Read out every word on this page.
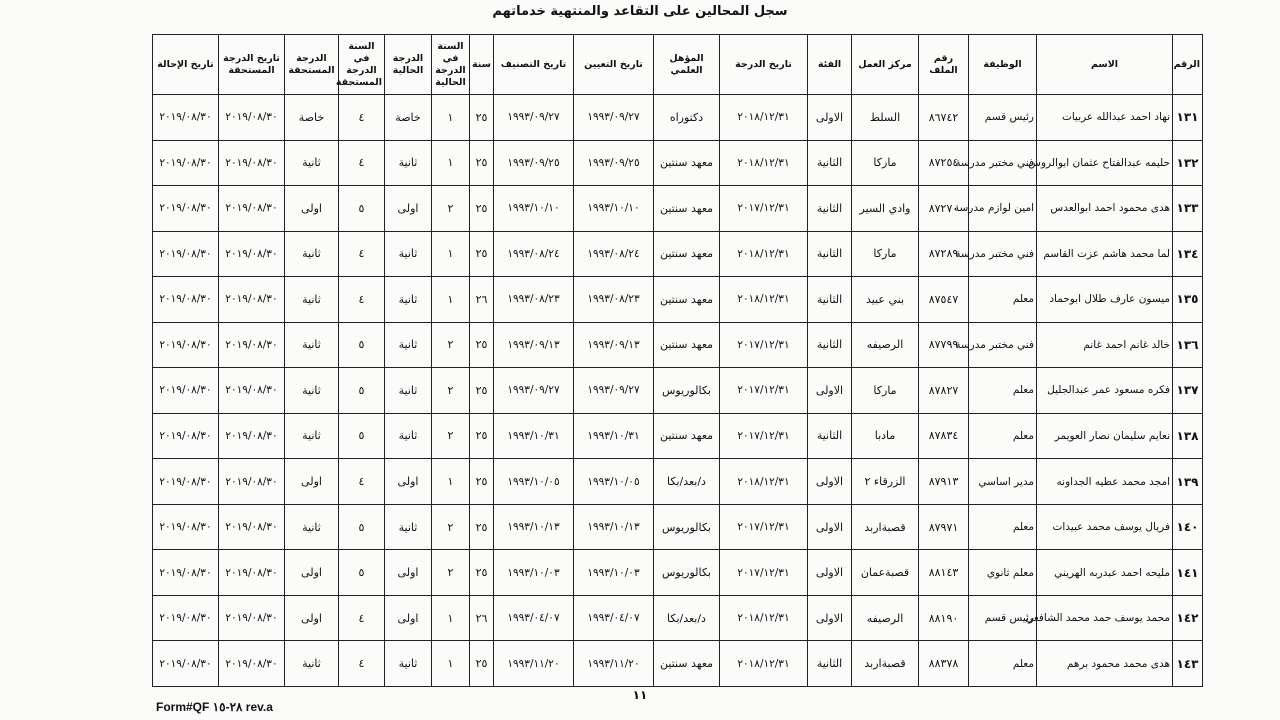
سجل المحالين على التقاعد والمنتهية خدماتهم
الرقم	الاسم	الوظيفة	رقم الملف	مركز العمل	الفئة	تاريخ الدرجة	المؤهل العلمي	تاريخ التعيين	تاريخ التصنيف	سنة	السنة في الدرجة الحالية	الدرجة الحالية	السنة في الدرجة المستحقة	الدرجة المستحقة	تاريخ الدرجة المستحقة	تاريخ الإحالة
١٣١	نهاد احمد عبدالله عربيات	رئيس قسم	٨٦٧٤٢	السلط	الاولى	٢٠١٨/١٢/٣١	دكتوراه	١٩٩٣/٠٩/٢٧	١٩٩٣/٠٩/٢٧	٢٥	١	خاصة	٤	خاصة	٢٠١٩/٠٨/٣٠	٢٠١٩/٠٨/٣٠
١٣٢	حليمه عبدالفتاح عثمان ابوالروس	فني مختبر مدرسة	٨٧٢٥٤	ماركا	الثانية	٢٠١٨/١٢/٣١	معهد سنتين	١٩٩٣/٠٩/٢٥	١٩٩٣/٠٩/٢٥	٢٥	١	ثانية	٤	ثانية	٢٠١٩/٠٨/٣٠	٢٠١٩/٠٨/٣٠
١٣٣	هدى محمود احمد ابوالعدس	امين لوازم مدرسة	٨٧٢٧٠	وادي السير	الثانية	٢٠١٧/١٢/٣١	معهد سنتين	١٩٩٣/١٠/١٠	١٩٩٣/١٠/١٠	٢٥	٢	اولى	٥	اولى	٢٠١٩/٠٨/٣٠	٢٠١٩/٠٨/٣٠
١٣٤	لما محمد هاشم عزت القاسم	فني مختبر مدرسة	٨٧٢٨٩	ماركا	الثانية	٢٠١٨/١٢/٣١	معهد سنتين	١٩٩٣/٠٨/٢٤	١٩٩٣/٠٨/٢٤	٢٥	١	ثانية	٤	ثانية	٢٠١٩/٠٨/٣٠	٢٠١٩/٠٨/٣٠
١٣٥	ميسون عارف طلال ابوحماد	معلم	٨٧٥٤٧	بني عبيد	الثانية	٢٠١٨/١٢/٣١	معهد سنتين	١٩٩٣/٠٨/٢٣	١٩٩٣/٠٨/٢٣	٢٦	١	ثانية	٤	ثانية	٢٠١٩/٠٨/٣٠	٢٠١٩/٠٨/٣٠
١٣٦	خالد غانم احمد غانم	فني مختبر مدرسة	٨٧٧٩٩	الرصيفه	الثانية	٢٠١٧/١٢/٣١	معهد سنتين	١٩٩٣/٠٩/١٣	١٩٩٣/٠٩/١٣	٢٥	٢	ثانية	٥	ثانية	٢٠١٩/٠٨/٣٠	٢٠١٩/٠٨/٣٠
١٣٧	فكره مسعود عمر عبدالجليل	معلم	٨٧٨٢٧	ماركا	الاولى	٢٠١٧/١٢/٣١	بكالوريوس	١٩٩٣/٠٩/٢٧	١٩٩٣/٠٩/٢٧	٢٥	٢	ثانية	٥	ثانية	٢٠١٩/٠٨/٣٠	٢٠١٩/٠٨/٣٠
١٣٨	نعايم سليمان نصار العويمر	معلم	٨٧٨٣٤	مادبا	الثانية	٢٠١٧/١٢/٣١	معهد سنتين	١٩٩٣/١٠/٣١	١٩٩٣/١٠/٣١	٢٥	٢	ثانية	٥	ثانية	٢٠١٩/٠٨/٣٠	٢٠١٩/٠٨/٣٠
١٣٩	امجد محمد عطيه الجداونه	مدير اساسي	٨٧٩١٣	الزرقاء ٢	الاولى	٢٠١٨/١٢/٣١	د/بعد/بكا	١٩٩٣/١٠/٠٥	١٩٩٣/١٠/٠٥	٢٥	١	اولى	٤	اولى	٢٠١٩/٠٨/٣٠	٢٠١٩/٠٨/٣٠
١٤٠	فريال يوسف محمد عبيدات	معلم	٨٧٩٧١	قصبةاربد	الاولى	٢٠١٧/١٢/٣١	بكالوريوس	١٩٩٣/١٠/١٣	١٩٩٣/١٠/١٣	٢٥	٢	ثانية	٥	ثانية	٢٠١٩/٠٨/٣٠	٢٠١٩/٠٨/٣٠
١٤١	مليحه احمد عبدربه الهريني	معلم ثانوي	٨٨١٤٣	قصبةعمان	الاولى	٢٠١٧/١٢/٣١	بكالوريوس	١٩٩٣/١٠/٠٣	١٩٩٣/١٠/٠٣	٢٥	٢	اولى	٥	اولى	٢٠١٩/٠٨/٣٠	٢٠١٩/٠٨/٣٠
١٤٢	محمد يوسف حمد محمد الشافعي	رئيس قسم	٨٨١٩٠	الرصيفه	الاولى	٢٠١٨/١٢/٣١	د/بعد/بكا	١٩٩٣/٠٤/٠٧	١٩٩٣/٠٤/٠٧	٢٦	١	اولى	٤	اولى	٢٠١٩/٠٨/٣٠	٢٠١٩/٠٨/٣٠
١٤٣	هدى محمد محمود برهم	معلم	٨٨٣٧٨	قصبةاربد	الثانية	٢٠١٨/١٢/٣١	معهد سنتين	١٩٩٣/١١/٢٠	١٩٩٣/١١/٢٠	٢٥	١	ثانية	٤	ثانية	٢٠١٩/٠٨/٣٠	٢٠١٩/٠٨/٣٠
١١
Form#QF ٢٨-١٥ rev.a
